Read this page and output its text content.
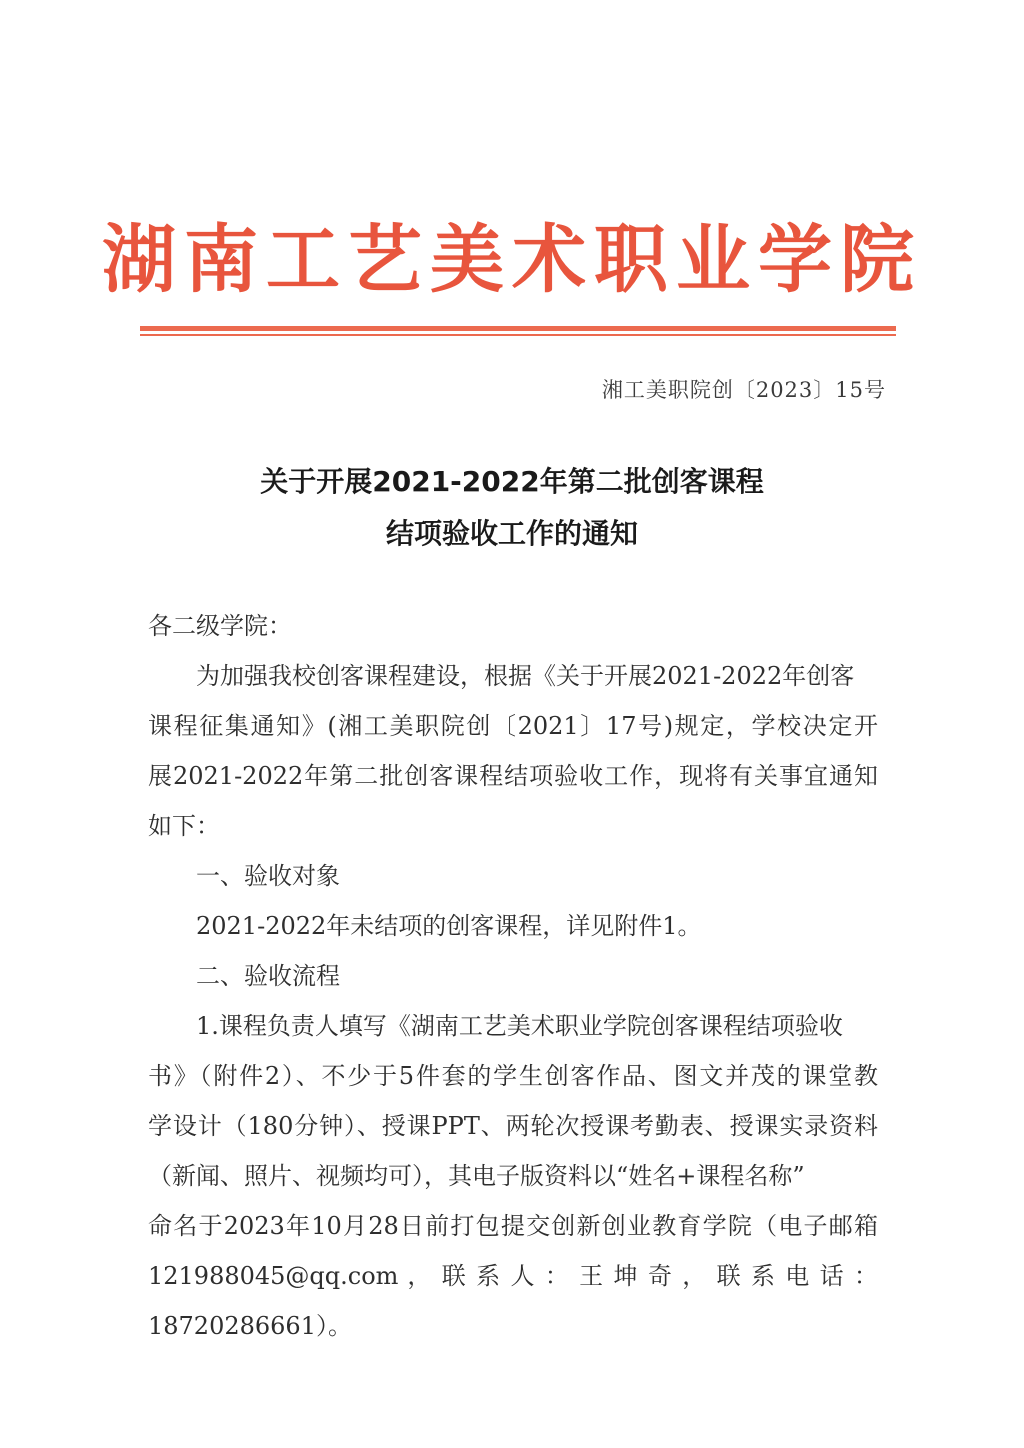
湖南工艺美术职业学院
湘工美职院创〔2023〕15号
关于开展2021-2022年第二批创客课程
结项验收工作的通知
各二级学院：
为加强我校创客课程建设，根据《关于开展2021-2022年创客
课程征集通知》(湘工美职院创〔2021〕17号)规定，学校决定开
展2021-2022年第二批创客课程结项验收工作，现将有关事宜通知
如下：
一、验收对象
2021-2022年未结项的创客课程，详见附件1。
二、验收流程
1.课程负责人填写《湖南工艺美术职业学院创客课程结项验收
书》（附件2）、不少于5件套的学生创客作品、图文并茂的课堂教
学设计（180分钟）、授课PPT、两轮次授课考勤表、授课实录资料
（新闻、照片、视频均可），其电子版资料以“姓名+课程名称”
命名于2023年10月28日前打包提交创新创业教育学院（电子邮箱
121988045@qq.com ， 联 系 人 ： 王 坤 奇 ， 联 系 电 话 ：
18720286661）。
